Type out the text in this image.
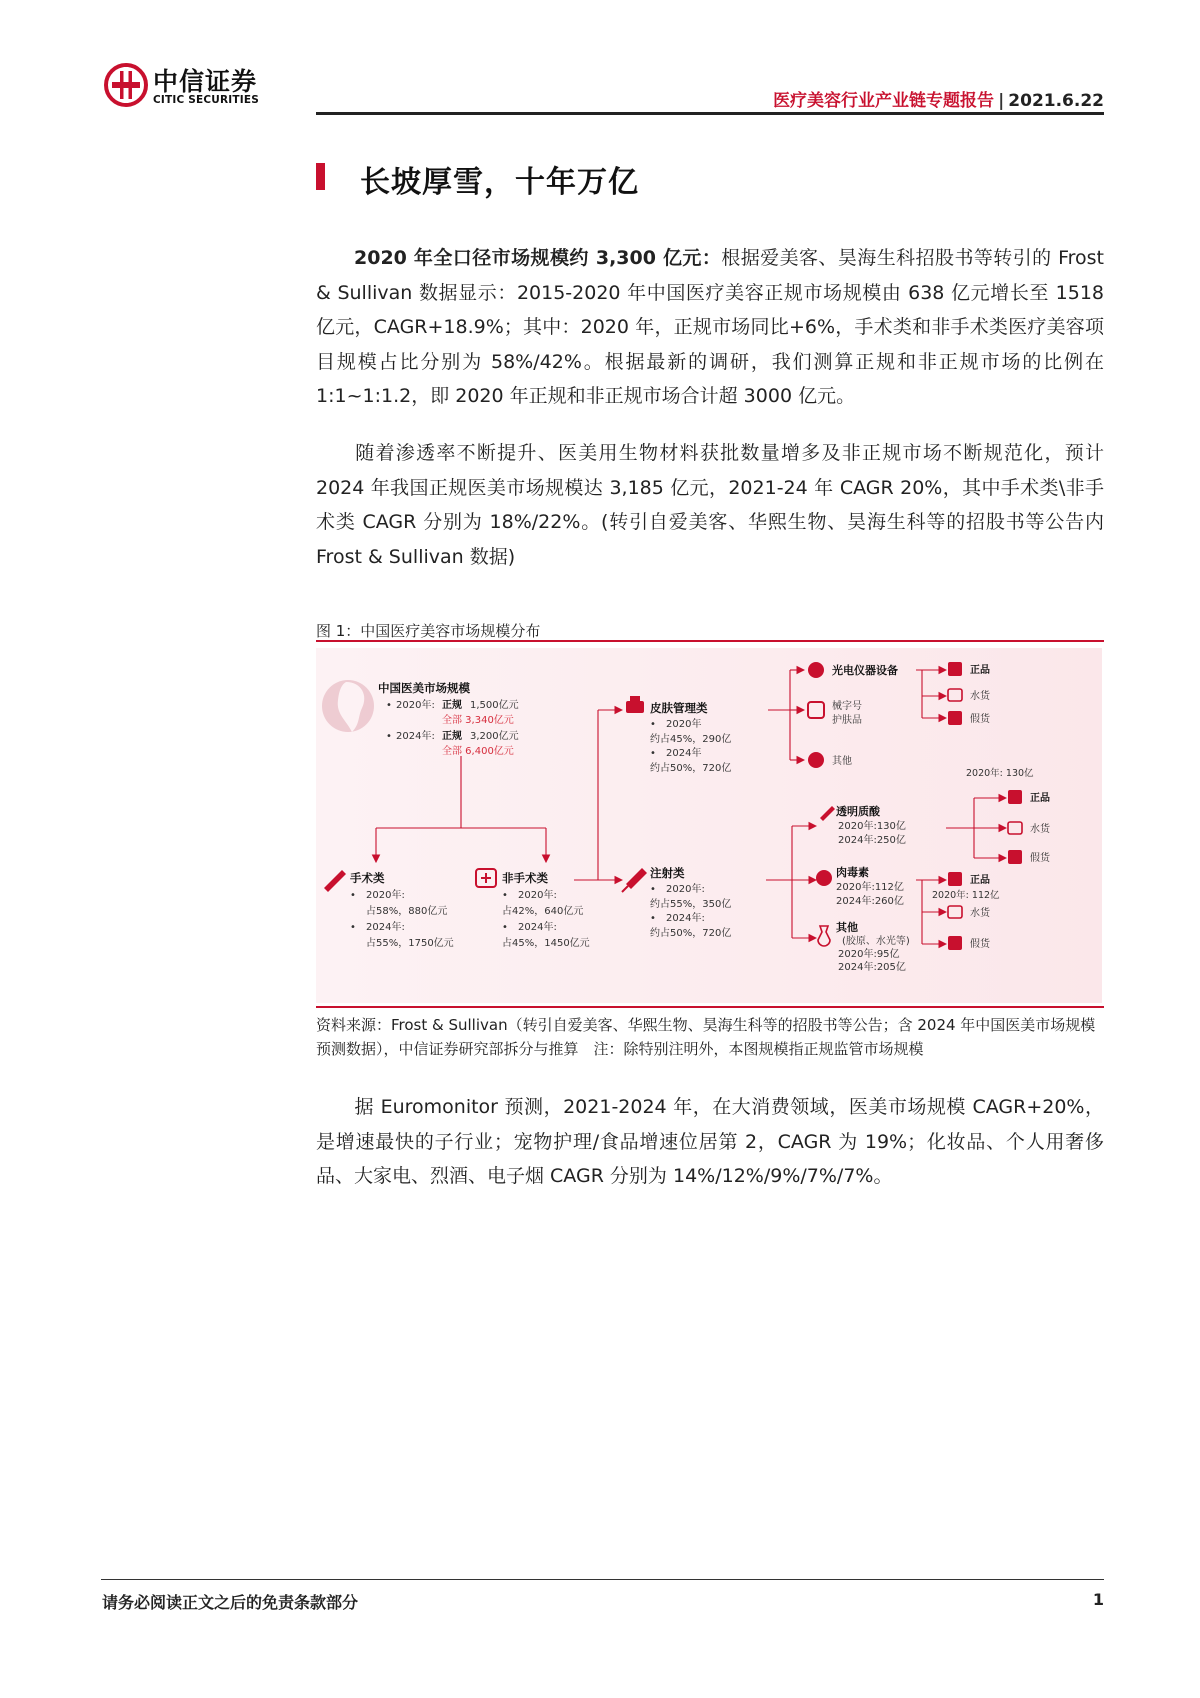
中信证券
CITIC SECURITIES	医疗美容行业产业链专题报告 | 2021.6.22
长坡厚雪，十年万亿
2020 年全口径市场规模约 3,300 亿元：根据爱美客、昊海生科招股书等转引的 Frost & Sullivan 数据显示：2015-2020 年中国医疗美容正规市场规模由 638 亿元增长至 1518 亿元，CAGR+18.9%；其中：2020 年，正规市场同比+6%，手术类和非手术类医疗美容项目规模占比分别为 58%/42%。根据最新的调研，我们测算正规和非正规市场的比例在 1:1~1:1.2，即 2020 年正规和非正规市场合计超 3000 亿元。
随着渗透率不断提升、医美用生物材料获批数量增多及非正规市场不断规范化，预计 2024 年我国正规医美市场规模达 3,185 亿元，2021-24 年 CAGR 20%，其中手术类\非手术类 CAGR 分别为 18%/22%。(转引自爱美客、华熙生物、昊海生科等的招股书等公告内 Frost & Sullivan 数据)
图 1：中国医疗美容市场规模分布
中国医美市场规模
• 2020年: 正规 1,500亿元
全部 3,340亿元
• 2024年: 正规 3,200亿元
全部 6,400亿元
手术类
• 2020年:
占58%，880亿元
• 2024年:
占55%，1750亿元
非手术类
• 2020年:
占42%，640亿元
• 2024年:
占45%，1450亿元
皮肤管理类
• 2020年
约占45%，290亿
• 2024年
约占50%，720亿
注射类
• 2020年:
约占55%，350亿
• 2024年:
约占50%，720亿
光电仪器设备
械字号
护肤品
其他
透明质酸
2020年:130亿
2024年:250亿
肉毒素
2020年:112亿
2024年:260亿
其他
(胶原、水光等)
2020年:95亿
2024年:205亿
正品
水货
假货
2020年: 130亿
正品
水货
假货
正品
2020年: 112亿
水货
假货
资料来源：Frost & Sullivan（转引自爱美客、华熙生物、昊海生科等的招股书等公告；含 2024 年中国医美市场规模预测数据），中信证券研究部拆分与推算　注：除特别注明外，本图规模指正规监管市场规模
据 Euromonitor 预测，2021-2024 年，在大消费领域，医美市场规模 CAGR+20%，是增速最快的子行业；宠物护理/食品增速位居第 2，CAGR 为 19%；化妆品、个人用奢侈品、大家电、烈酒、电子烟 CAGR 分别为 14%/12%/9%/7%/7%。
请务必阅读正文之后的免责条款部分	1
